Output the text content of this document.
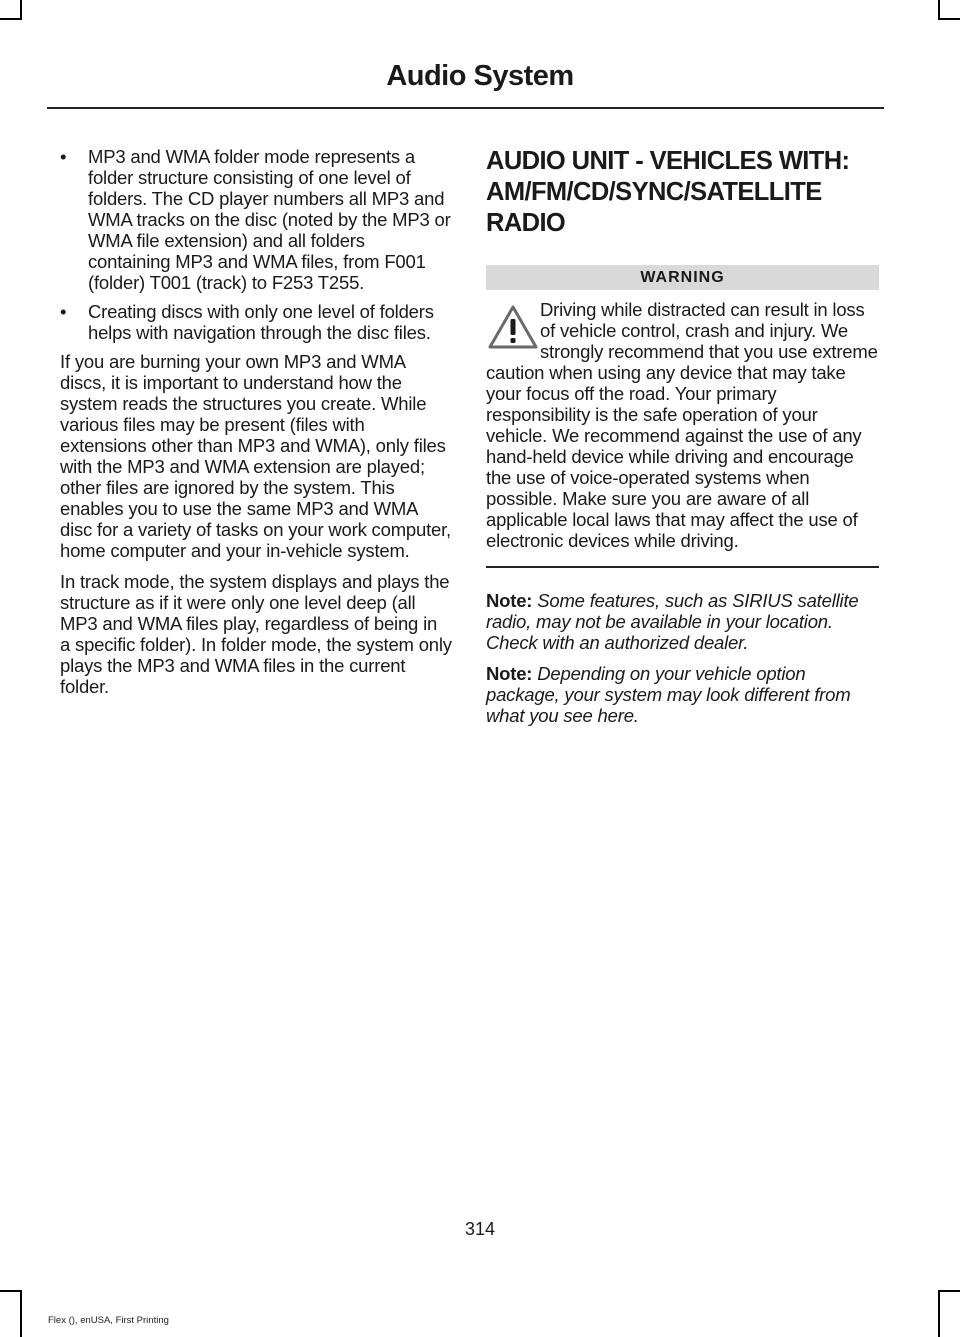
Audio System
• MP3 and WMA folder mode represents a folder structure consisting of one level of folders. The CD player numbers all MP3 and WMA tracks on the disc (noted by the MP3 or WMA file extension) and all folders containing MP3 and WMA files, from F001 (folder) T001 (track) to F253 T255.
• Creating discs with only one level of folders helps with navigation through the disc files.

If you are burning your own MP3 and WMA discs, it is important to understand how the system reads the structures you create. While various files may be present (files with extensions other than MP3 and WMA), only files with the MP3 and WMA extension are played; other files are ignored by the system. This enables you to use the same MP3 and WMA disc for a variety of tasks on your work computer, home computer and your in-vehicle system.

In track mode, the system displays and plays the structure as if it were only one level deep (all MP3 and WMA files play, regardless of being in a specific folder). In folder mode, the system only plays the MP3 and WMA files in the current folder.

AUDIO UNIT - VEHICLES WITH:
AM/FM/CD/SYNC/SATELLITE
RADIO
WARNING
Driving while distracted can result in loss of vehicle control, crash and injury. We strongly recommend that you use extreme caution when using any device that may take your focus off the road. Your primary responsibility is the safe operation of your vehicle. We recommend against the use of any hand-held device while driving and encourage the use of voice-operated systems when possible. Make sure you are aware of all applicable local laws that may affect the use of electronic devices while driving.

Note: Some features, such as SIRIUS satellite radio, may not be available in your location. Check with an authorized dealer.

Note: Depending on your vehicle option package, your system may look different from what you see here.

314
Flex (), enUSA, First Printing
